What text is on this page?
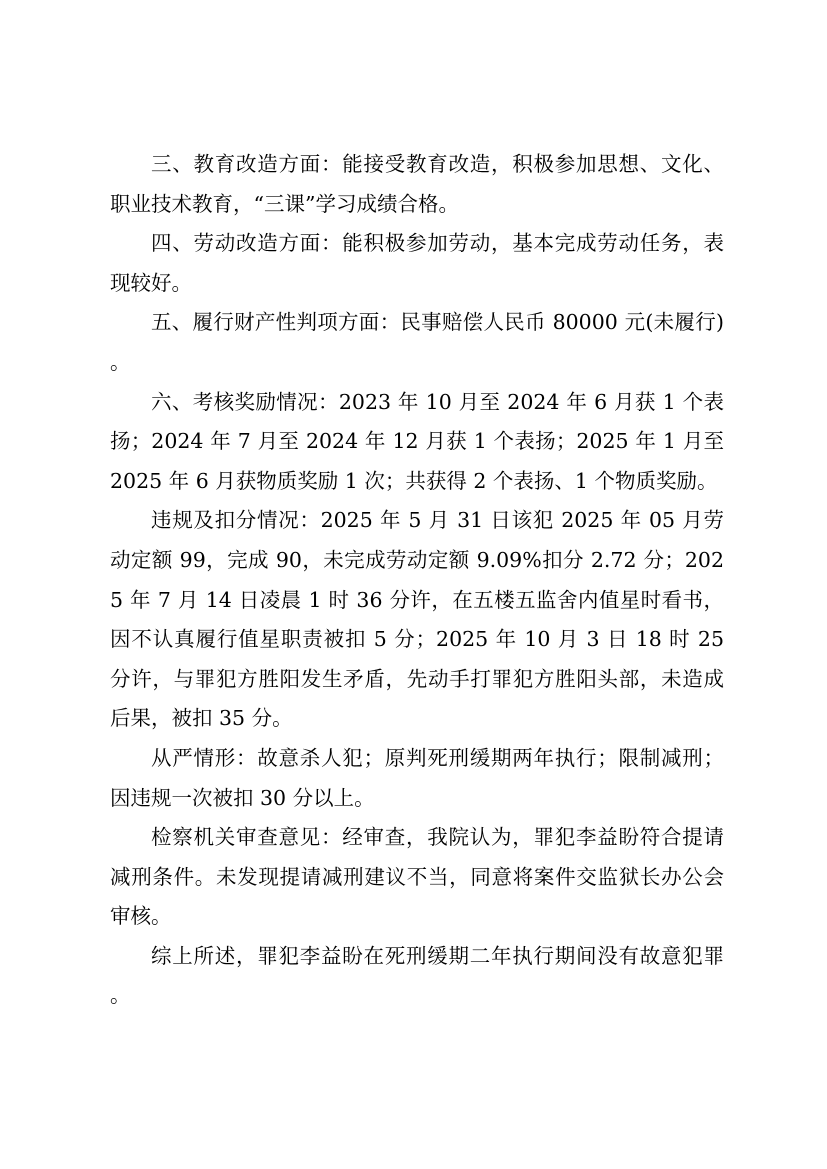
三、教育改造方面：能接受教育改造，积极参加思想、文化、职业技术教育，“三课”学习成绩合格。

四、劳动改造方面：能积极参加劳动，基本完成劳动任务，表现较好。

五、履行财产性判项方面：民事赔偿人民币 80000 元(未履行)。

六、考核奖励情况：2023 年 10 月至 2024 年 6 月获 1 个表扬；2024 年 7 月至 2024 年 12 月获 1 个表扬；2025 年 1 月至 2025 年 6 月获物质奖励 1 次；共获得 2 个表扬、1 个物质奖励。

违规及扣分情况：2025 年 5 月 31 日该犯 2025 年 05 月劳动定额 99，完成 90，未完成劳动定额 9.09%扣分 2.72 分；2025 年 7 月 14 日凌晨 1 时 36 分许，在五楼五监舍内值星时看书，因不认真履行值星职责被扣 5 分；2025 年 10 月 3 日 18 时 25 分许，与罪犯方胜阳发生矛盾，先动手打罪犯方胜阳头部，未造成后果，被扣 35 分。

从严情形：故意杀人犯；原判死刑缓期两年执行；限制减刑；因违规一次被扣 30 分以上。

检察机关审查意见：经审查，我院认为，罪犯李益盼符合提请减刑条件。未发现提请减刑建议不当，同意将案件交监狱长办公会审核。

综上所述，罪犯李益盼在死刑缓期二年执行期间没有故意犯罪。
